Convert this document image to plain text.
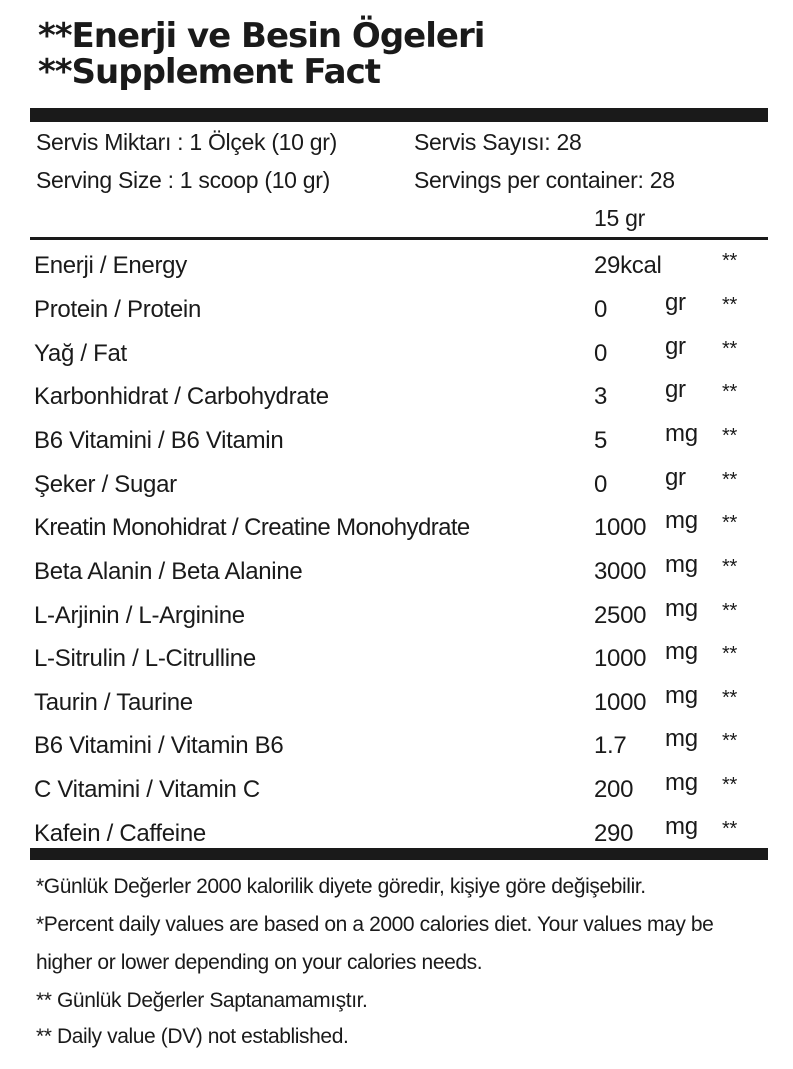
**Enerji ve Besin Ögeleri
**Supplement Fact
Servis Miktarı : 1 Ölçek (10 gr)	Servis Sayısı: 28
Serving Size : 1 scoop (10 gr)	Servings per container: 28
15 gr
Enerji / Energy	29kcal	**
Protein / Protein	0 gr **
Yağ / Fat	0 gr **
Karbonhidrat / Carbohydrate	3 gr **
B6 Vitamini / B6 Vitamin	5 mg **
Şeker / Sugar	0 gr **
Kreatin Monohidrat / Creatine Monohydrate	1000 mg **
Beta Alanin / Beta Alanine	3000 mg **
L-Arjinin / L-Arginine	2500 mg **
L-Sitrulin / L-Citrulline	1000 mg **
Taurin / Taurine	1000 mg **
B6 Vitamini / Vitamin B6	1.7 mg **
C Vitamini / Vitamin C	200 mg **
Kafein / Caffeine	290 mg **
*Günlük Değerler 2000 kalorilik diyete göredir, kişiye göre değişebilir.
*Percent daily values are based on a 2000 calories diet. Your values may be
higher or lower depending on your calories needs.
** Günlük Değerler Saptanamamıştır.
** Daily value (DV) not established.
